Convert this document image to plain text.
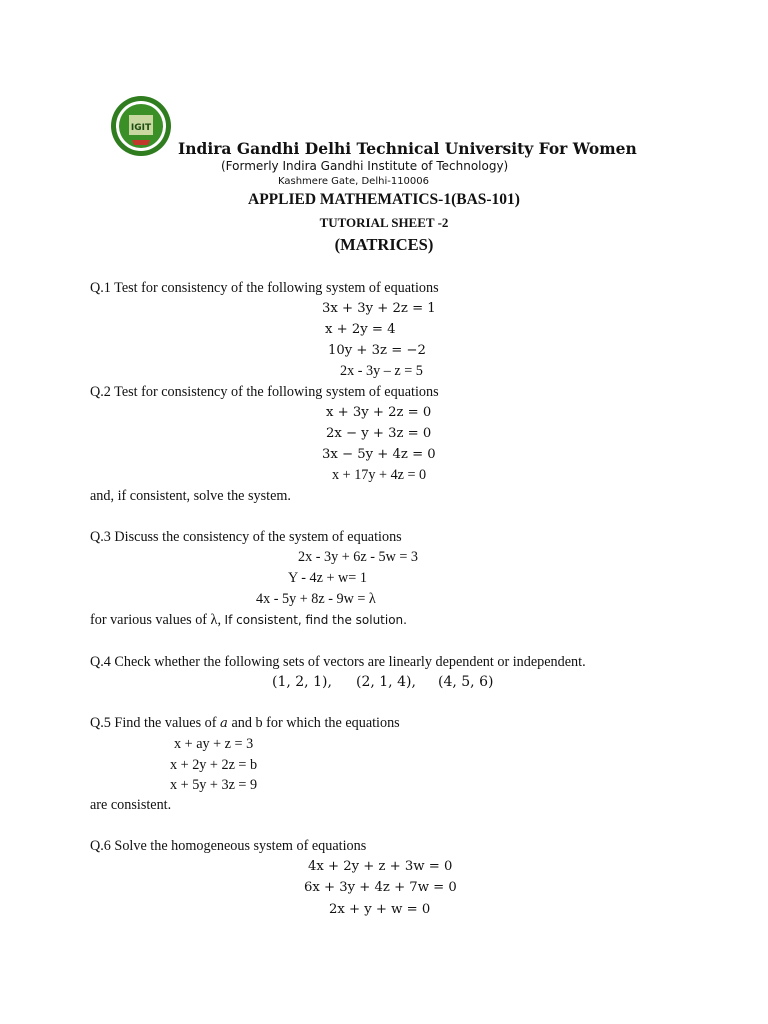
IGIT
Indira Gandhi Delhi Technical University For Women
(Formerly Indira Gandhi Institute of Technology)
Kashmere Gate, Delhi-110006
APPLIED MATHEMATICS-1(BAS-101)
TUTORIAL SHEET -2
(MATRICES)
Q.1 Test for consistency of the following system of equations
3x + 3y + 2z = 1
x + 2y = 4
10y + 3z = −2
2x - 3y – z = 5
Q.2 Test for consistency of the following system of equations
x + 3y + 2z = 0
2x − y + 3z = 0
3x − 5y + 4z = 0
x + 17y + 4z = 0
and, if consistent, solve the system.
Q.3 Discuss the consistency of the system of equations
2x - 3y + 6z - 5w = 3
Y - 4z + w= 1
4x - 5y + 8z - 9w = λ
for various values of λ, If consistent, find the solution.
Q.4 Check whether the following sets of vectors are linearly dependent or independent.
(1, 2, 1), (2, 1, 4), (4, 5, 6)
Q.5 Find the values of a and b for which the equations
x + ay + z = 3
x + 2y + 2z = b
x + 5y + 3z = 9
are consistent.
Q.6 Solve the homogeneous system of equations
4x + 2y + z + 3w = 0
6x + 3y + 4z + 7w = 0
2x + y + w = 0
